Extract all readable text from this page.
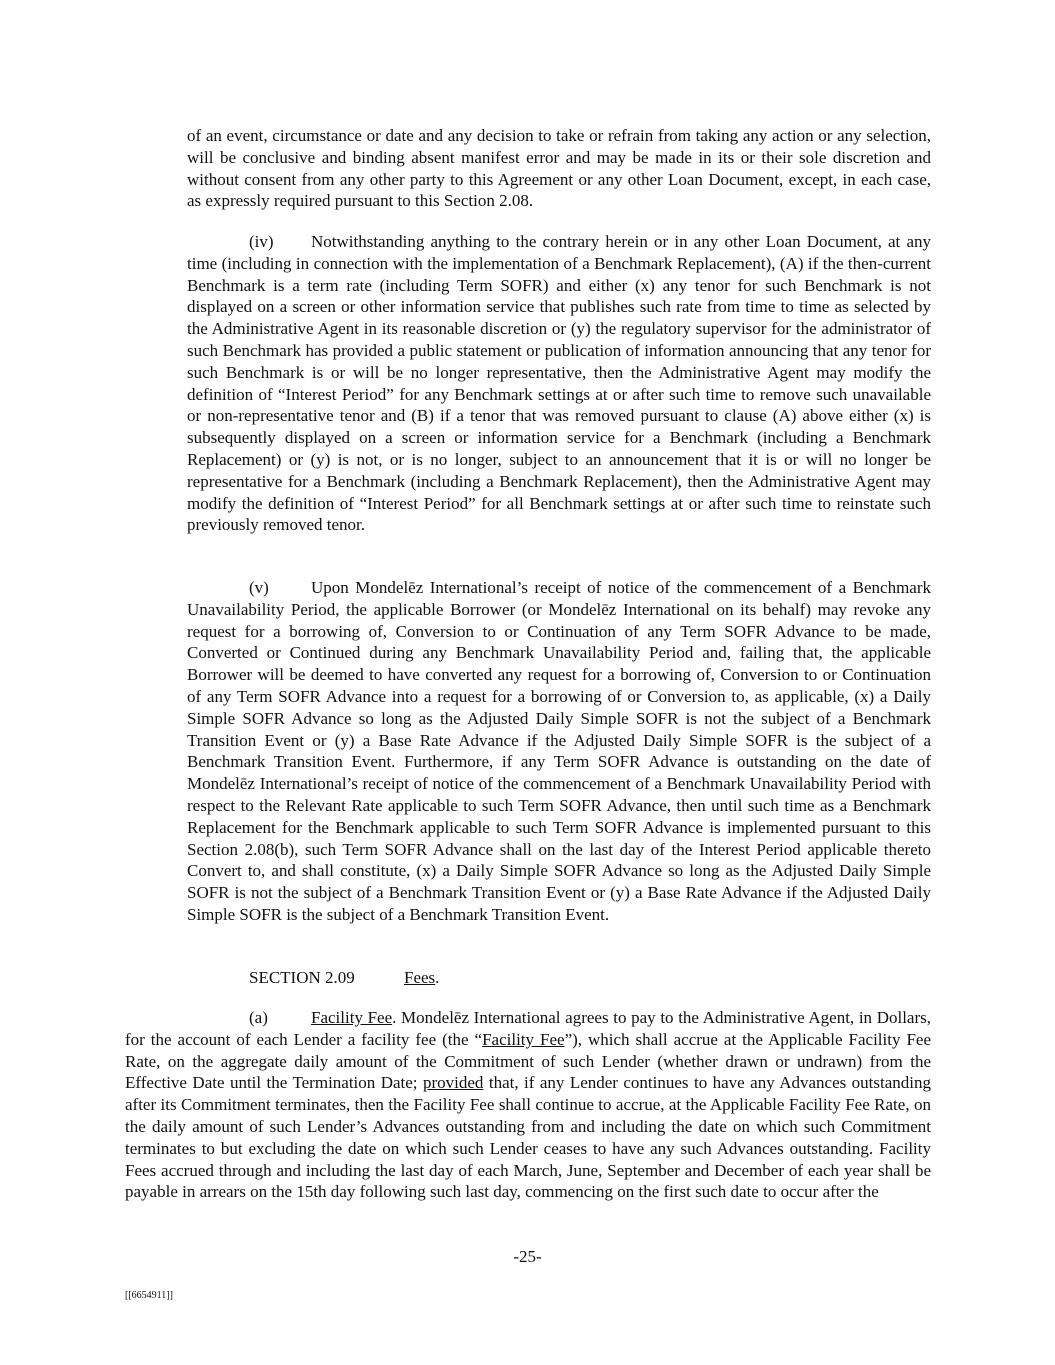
of an event, circumstance or date and any decision to take or refrain from taking any action or any selection, will be conclusive and binding absent manifest error and may be made in its or their sole discretion and without consent from any other party to this Agreement or any other Loan Document, except, in each case, as expressly required pursuant to this Section 2.08.

(iv) Notwithstanding anything to the contrary herein or in any other Loan Document, at any time (including in connection with the implementation of a Benchmark Replacement), (A) if the then-current Benchmark is a term rate (including Term SOFR) and either (x) any tenor for such Benchmark is not displayed on a screen or other information service that publishes such rate from time to time as selected by the Administrative Agent in its reasonable discretion or (y) the regulatory supervisor for the administrator of such Benchmark has provided a public statement or publication of information announcing that any tenor for such Benchmark is or will be no longer representative, then the Administrative Agent may modify the definition of “Interest Period” for any Benchmark settings at or after such time to remove such unavailable or non-representative tenor and (B) if a tenor that was removed pursuant to clause (A) above either (x) is subsequently displayed on a screen or information service for a Benchmark (including a Benchmark Replacement) or (y) is not, or is no longer, subject to an announcement that it is or will no longer be representative for a Benchmark (including a Benchmark Replacement), then the Administrative Agent may modify the definition of “Interest Period” for all Benchmark settings at or after such time to reinstate such previously removed tenor.

(v) Upon Mondelēz International’s receipt of notice of the commencement of a Benchmark Unavailability Period, the applicable Borrower (or Mondelēz International on its behalf) may revoke any request for a borrowing of, Conversion to or Continuation of any Term SOFR Advance to be made, Converted or Continued during any Benchmark Unavailability Period and, failing that, the applicable Borrower will be deemed to have converted any request for a borrowing of, Conversion to or Continuation of any Term SOFR Advance into a request for a borrowing of or Conversion to, as applicable, (x) a Daily Simple SOFR Advance so long as the Adjusted Daily Simple SOFR is not the subject of a Benchmark Transition Event or (y) a Base Rate Advance if the Adjusted Daily Simple SOFR is the subject of a Benchmark Transition Event. Furthermore, if any Term SOFR Advance is outstanding on the date of Mondelēz International’s receipt of notice of the commencement of a Benchmark Unavailability Period with respect to the Relevant Rate applicable to such Term SOFR Advance, then until such time as a Benchmark Replacement for the Benchmark applicable to such Term SOFR Advance is implemented pursuant to this Section 2.08(b), such Term SOFR Advance shall on the last day of the Interest Period applicable thereto Convert to, and shall constitute, (x) a Daily Simple SOFR Advance so long as the Adjusted Daily Simple SOFR is not the subject of a Benchmark Transition Event or (y) a Base Rate Advance if the Adjusted Daily Simple SOFR is the subject of a Benchmark Transition Event.

SECTION 2.09	Fees.

(a)	Facility Fee. Mondelēz International agrees to pay to the Administrative Agent, in Dollars, for the account of each Lender a facility fee (the “Facility Fee”), which shall accrue at the Applicable Facility Fee Rate, on the aggregate daily amount of the Commitment of such Lender (whether drawn or undrawn) from the Effective Date until the Termination Date; provided that, if any Lender continues to have any Advances outstanding after its Commitment terminates, then the Facility Fee shall continue to accrue, at the Applicable Facility Fee Rate, on the daily amount of such Lender’s Advances outstanding from and including the date on which such Commitment terminates to but excluding the date on which such Lender ceases to have any such Advances outstanding. Facility Fees accrued through and including the last day of each March, June, September and December of each year shall be payable in arrears on the 15th day following such last day, commencing on the first such date to occur after the

-25-

[[6654911]]
